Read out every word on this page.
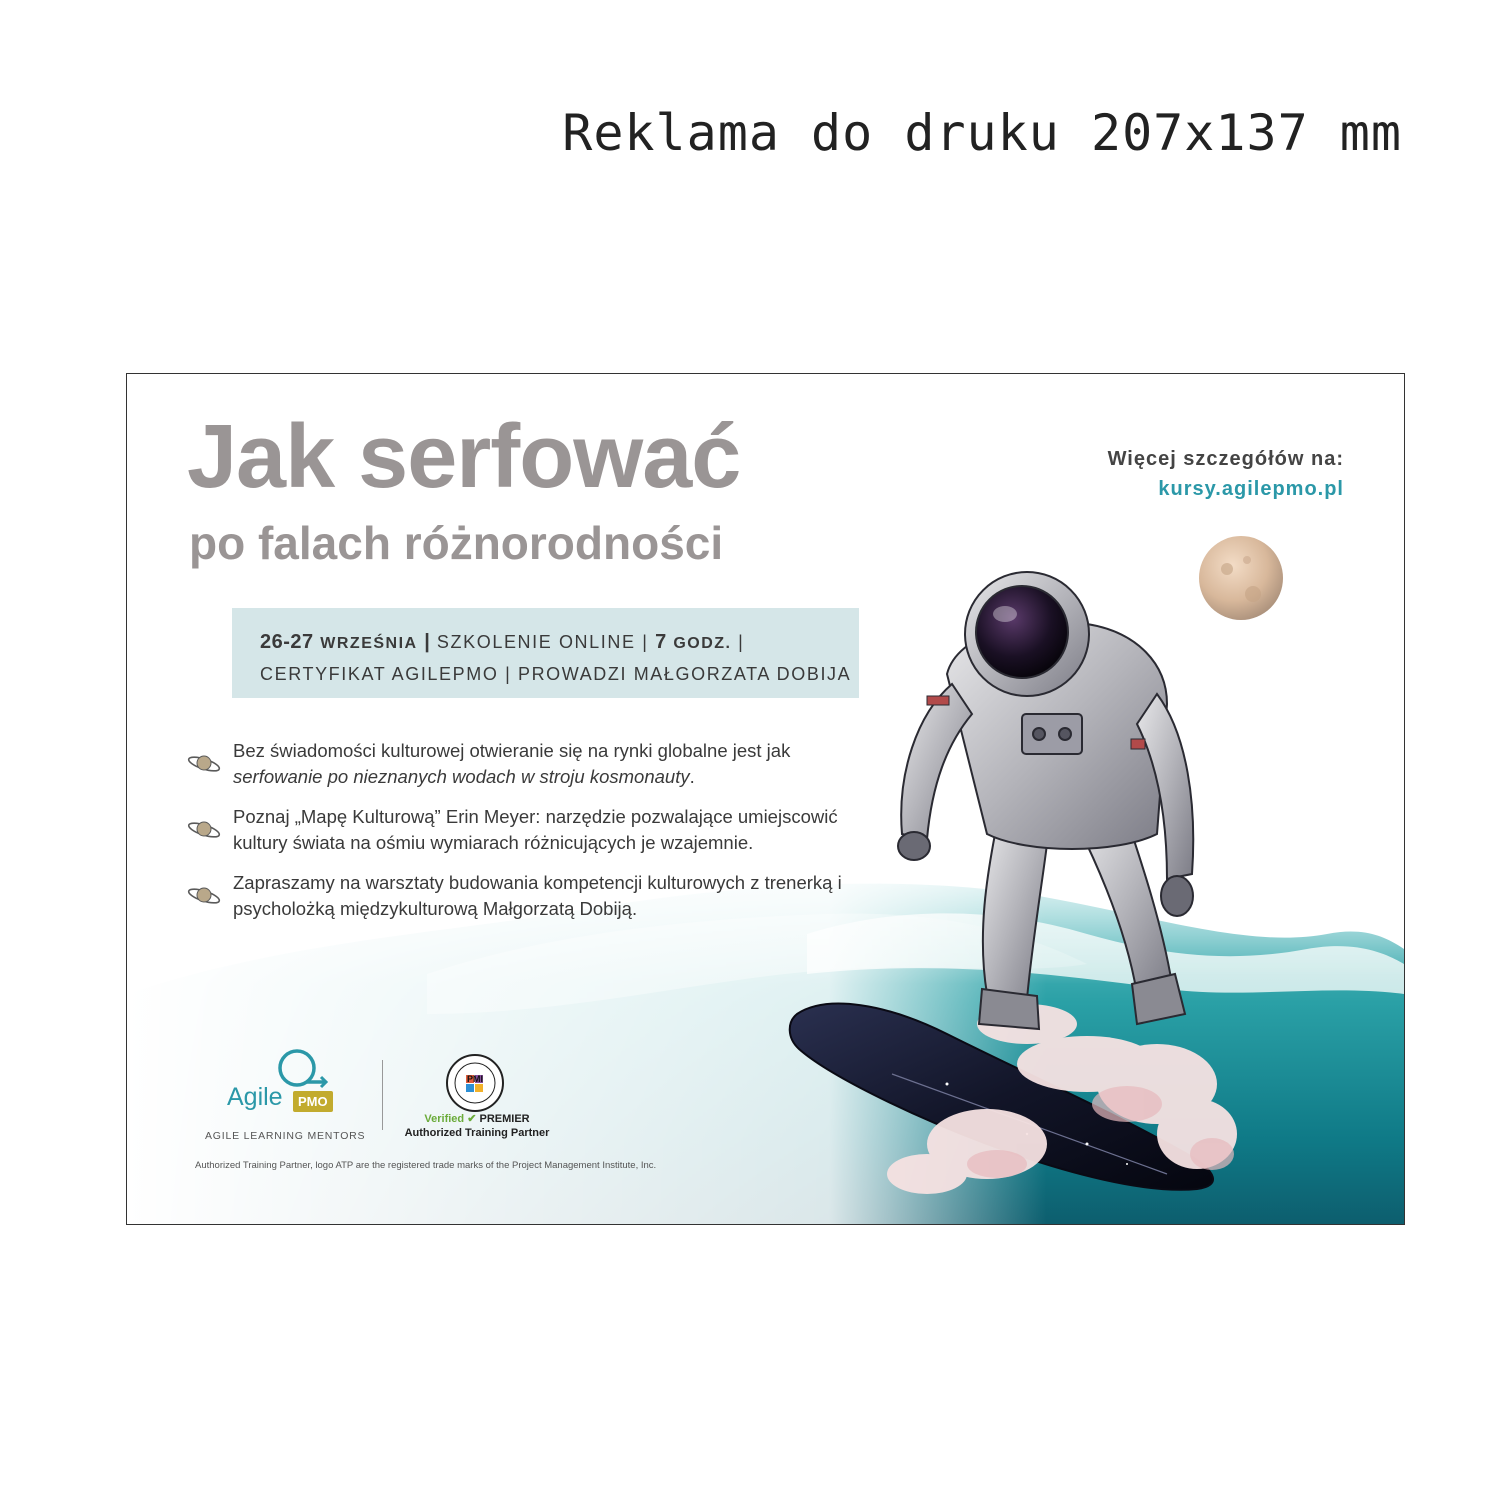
Reklama do druku 207x137 mm
Jak serfować
po falach różnorodności
Więcej szczegółów na:
kursy.agilepmo.pl
26-27 WRZEŚNIA | SZKOLENIE ONLINE | 7 GODZ. |
CERTYFIKAT AGILEPMO | PROWADZI MAŁGORZATA DOBIJA
Bez świadomości kulturowej otwieranie się na rynki globalne jest jak serfowanie po nieznanych wodach w stroju kosmonauty.
Poznaj „Mapę Kulturową” Erin Meyer: narzędzie pozwalające umiejscowić kultury świata na ośmiu wymiarach różnicujących je wzajemnie.
Zapraszamy na warsztaty budowania kompetencji kulturowych z trenerką i psycholożką międzykulturową Małgorzatą Dobiją.
Agile	PMO
AGILE LEARNING MENTORS
PMI
Verified ✔ PREMIER
Authorized Training Partner
Authorized Training Partner, logo ATP are the registered trade marks of the Project Management Institute, Inc.
